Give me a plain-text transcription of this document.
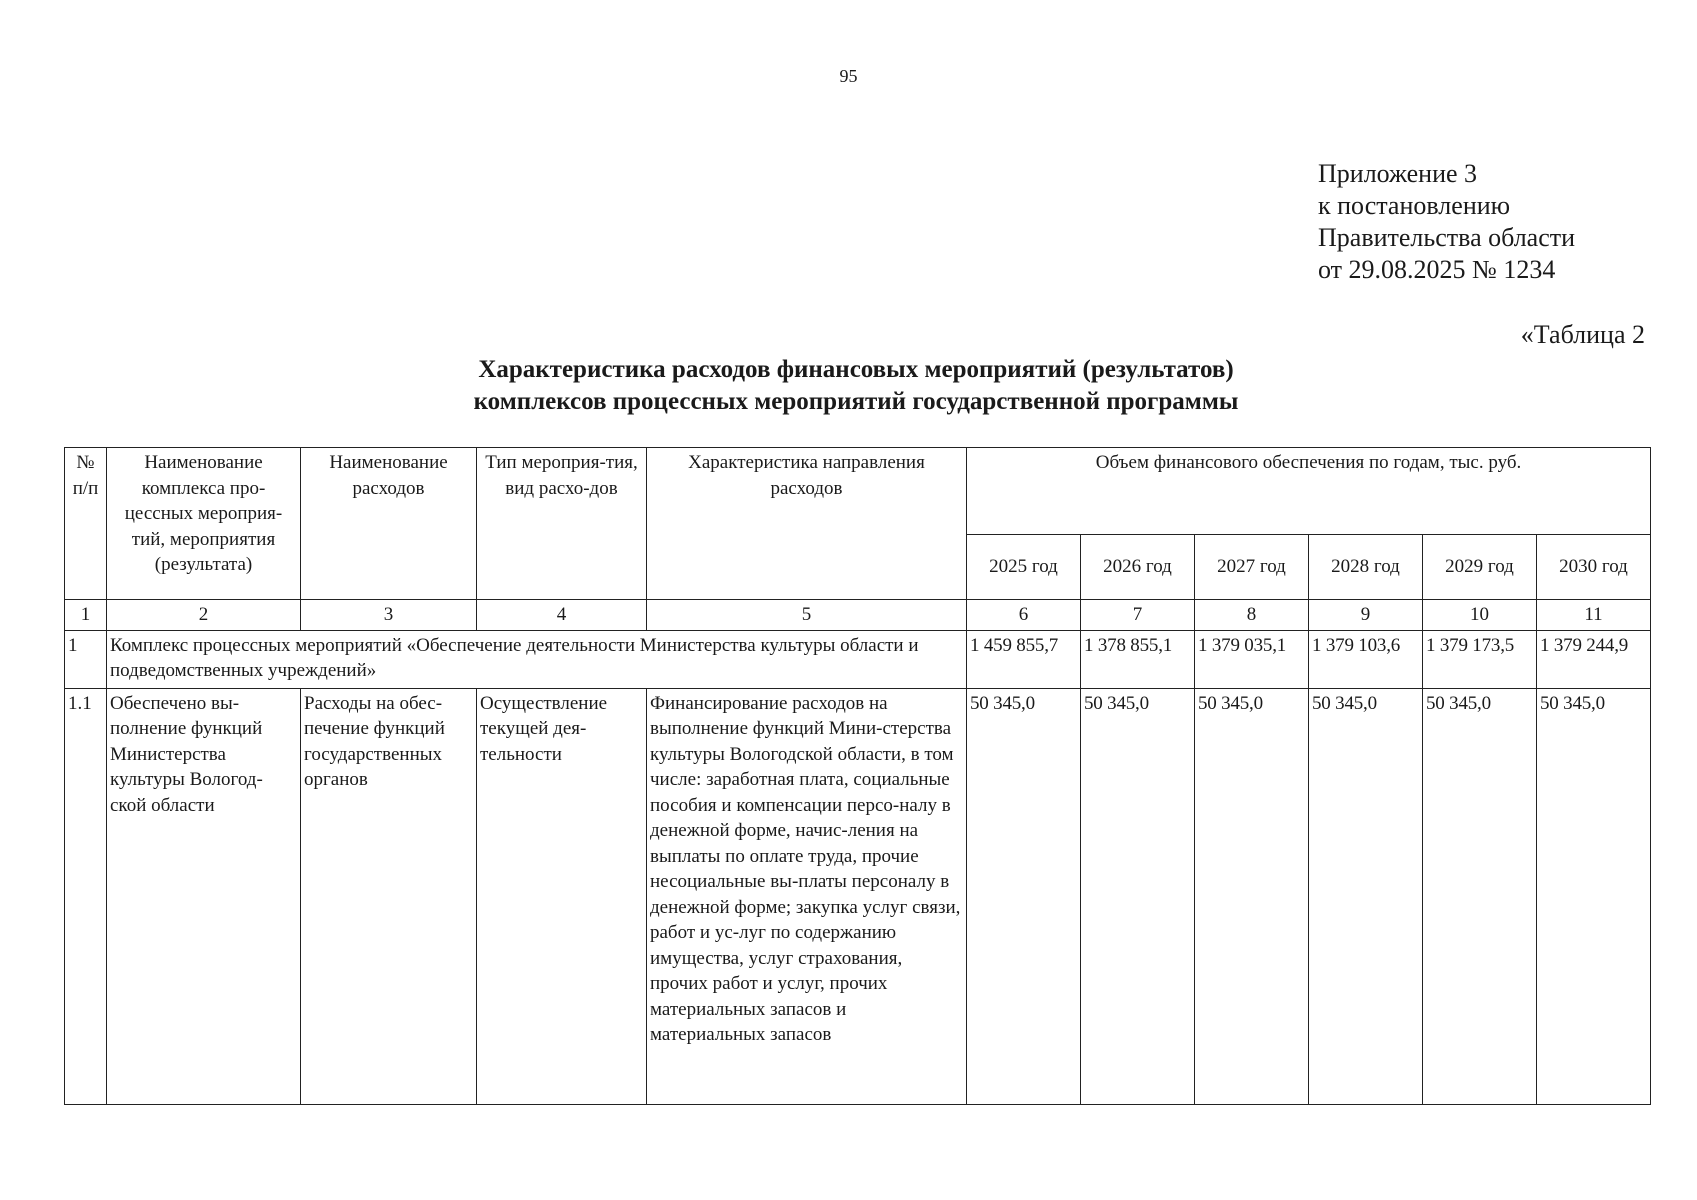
95
Приложение 3
к постановлению
Правительства области
от 29.08.2025 № 1234
«Таблица 2
Характеристика расходов финансовых мероприятий (результатов)
комплексов процессных мероприятий государственной программы
№ п/п	Наименование комплекса про-цессных мероприя-тий, мероприятия (результата)	Наименование расходов	Тип мероприя-тия, вид расхо-дов	Характеристика направления расходов	Объем финансового обеспечения по годам, тыс. руб.					
					2025 год	2026 год	2027 год	2028 год	2029 год	2030 год
1	2	3	4	5	6	7	8	9	10	11
1	Комплекс процессных мероприятий «Обеспечение деятельности Министерства культуры области и подведомственных учреждений»				1 459 855,7	1 378 855,1	1 379 035,1	1 379 103,6	1 379 173,5	1 379 244,9
1.1	Обеспечено вы-полнение функций Министерства культуры Вологод-ской области	Расходы на обес-печение функций государственных органов	Осуществление текущей дея-тельности	Финансирование расходов на выполнение функций Мини-стерства культуры Вологодской области, в том числе: заработная плата, социальные пособия и компенсации персо-налу в денежной форме, начис-ления на выплаты по оплате труда, прочие несоциальные вы-платы персоналу в денежной форме; закупка услуг связи, работ и ус-луг по содержанию имущества, услуг страхования, прочих работ и услуг, прочих материальных запасов и материальных запасов	50 345,0	50 345,0	50 345,0	50 345,0	50 345,0	50 345,0
